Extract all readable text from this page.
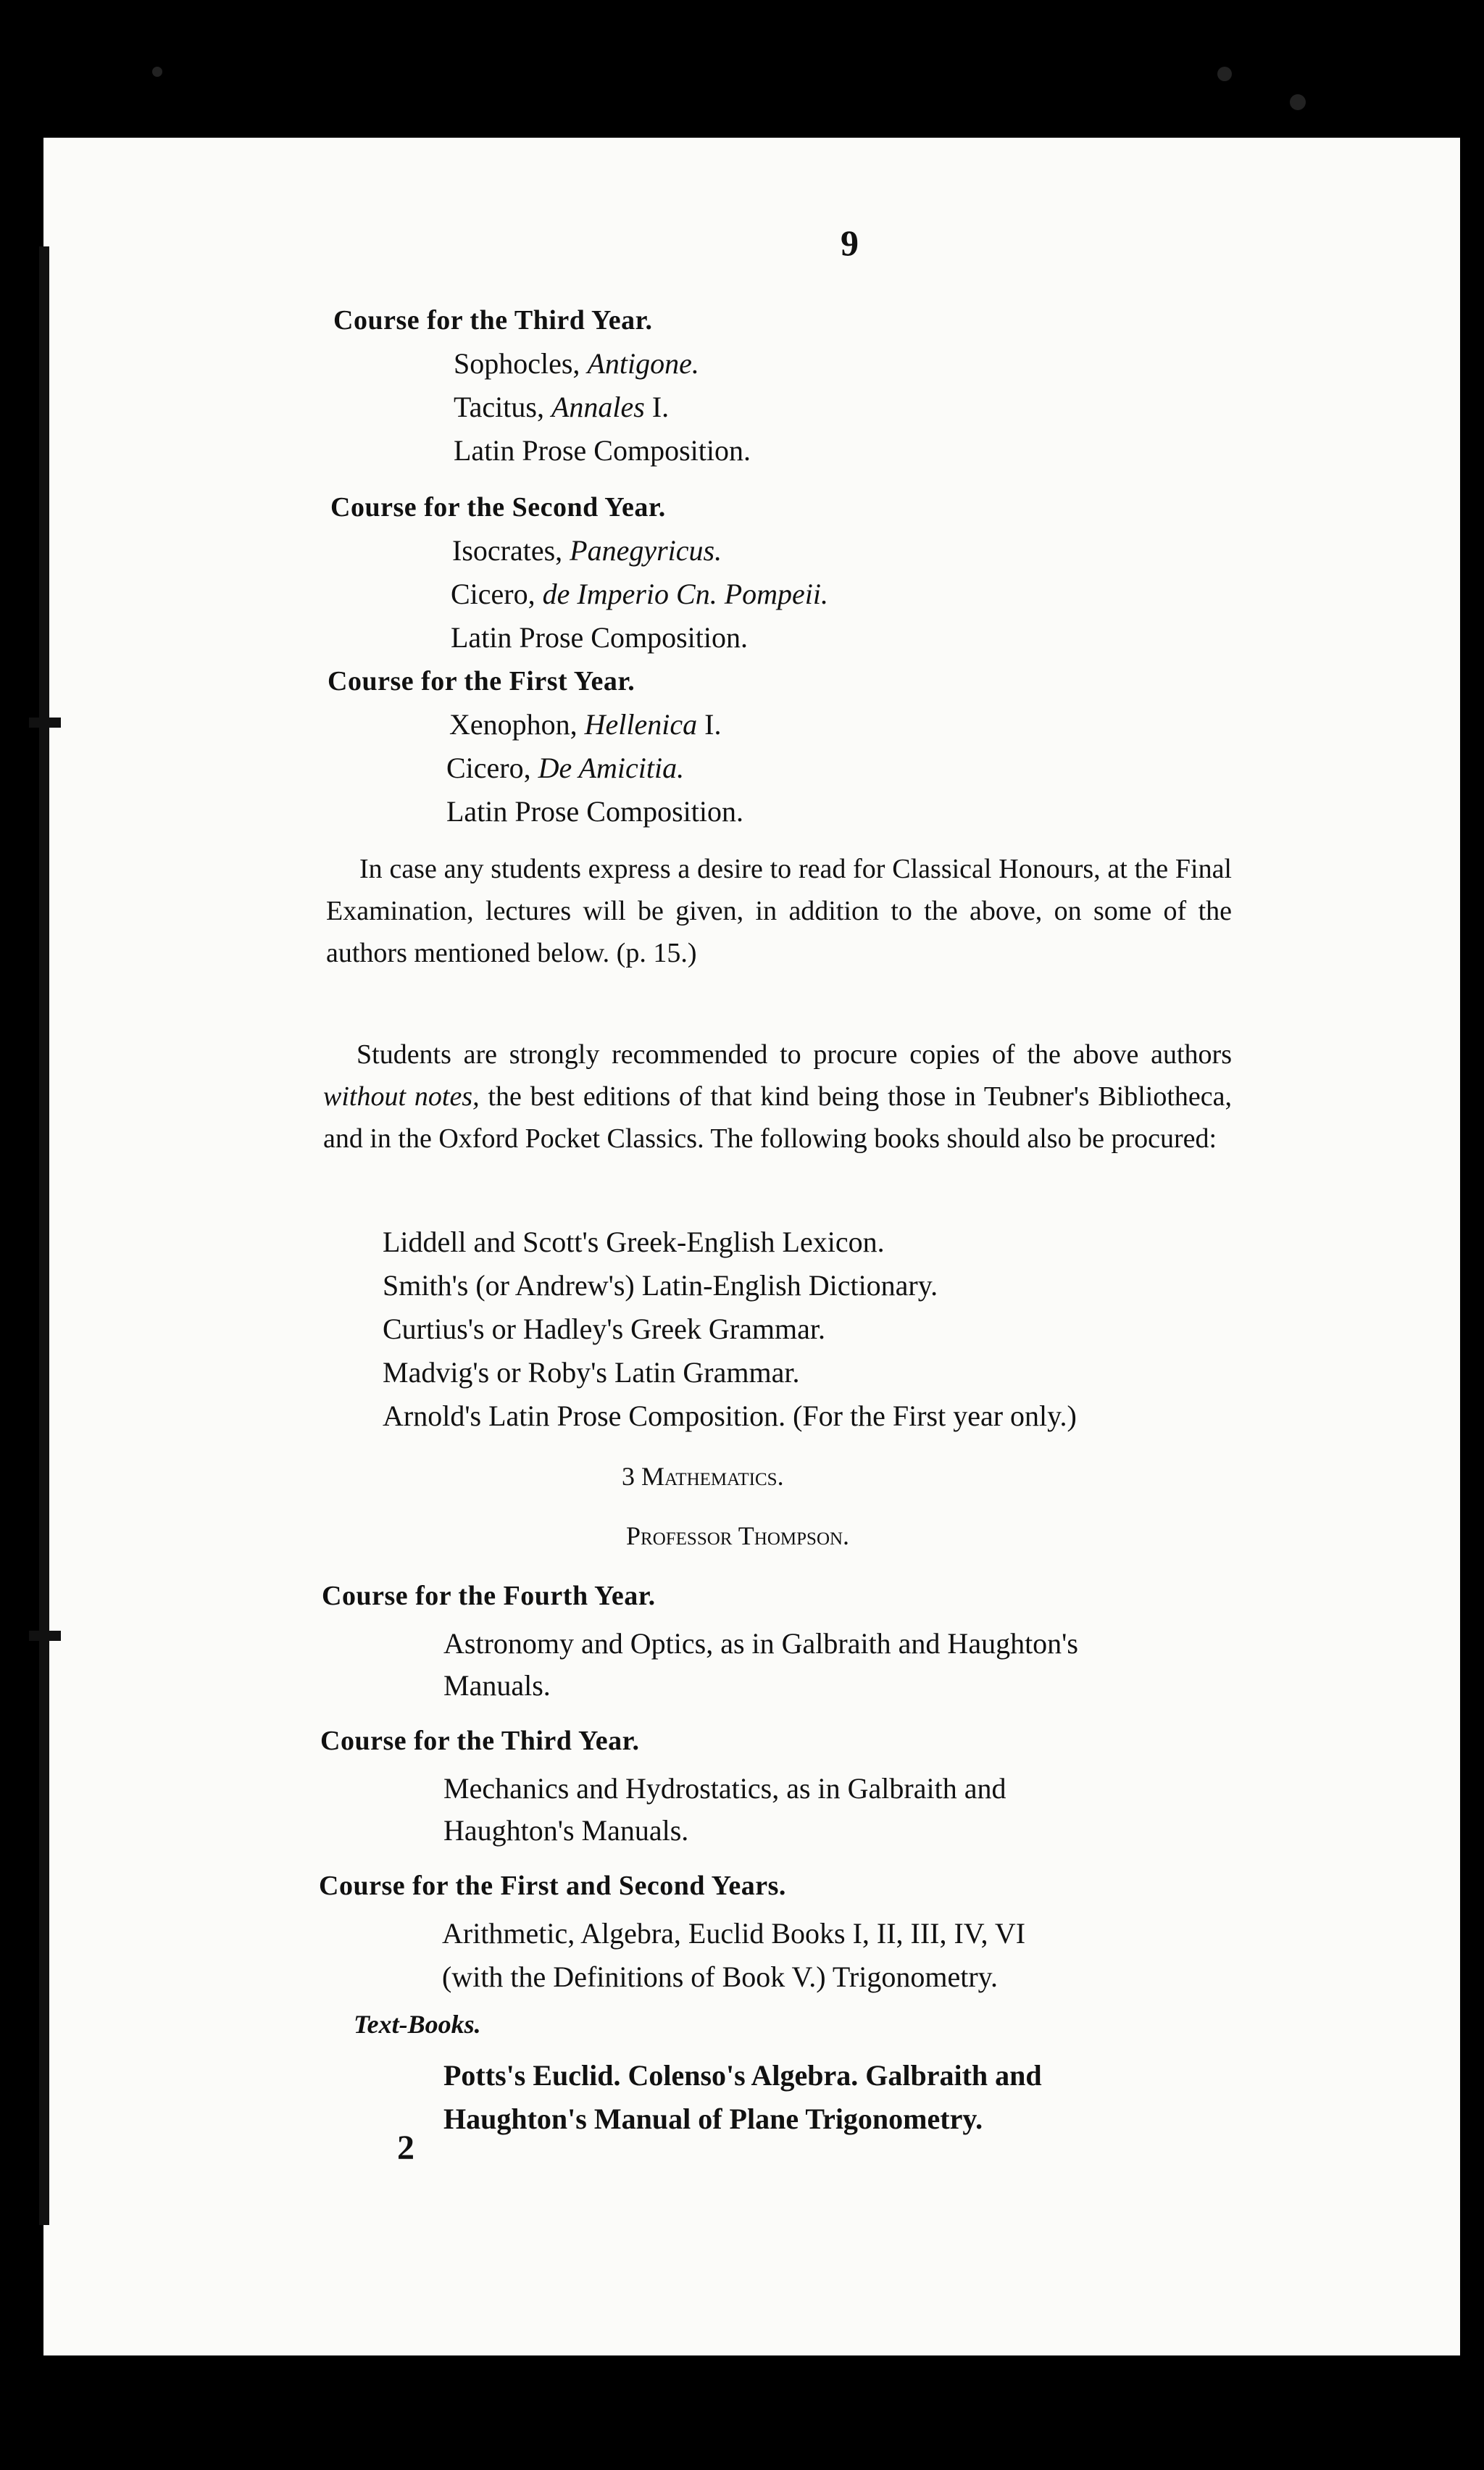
9
Course for the Third Year.
Sophocles, Antigone.
Tacitus, Annales I.
Latin Prose Composition.
Course for the Second Year.
Isocrates, Panegyricus.
Cicero, de Imperio Cn. Pompeii.
Latin Prose Composition.
Course for the First Year.
Xenophon, Hellenica I.
Cicero, De Amicitia.
Latin Prose Composition.
In case any students express a desire to read for Classical Honours, at the Final Examination, lectures will be given, in addition to the above, on some of the authors mentioned below. (p. 15.)
Students are strongly recommended to procure copies of the above authors without notes, the best editions of that kind being those in Teubner's Bibliotheca, and in the Oxford Pocket Classics. The following books should also be procured:
Liddell and Scott's Greek-English Lexicon.
Smith's (or Andrew's) Latin-English Dictionary.
Curtius's or Hadley's Greek Grammar.
Madvig's or Roby's Latin Grammar.
Arnold's Latin Prose Composition. (For the First year only.)
3 Mathematics.
Professor Thompson.
Course for the Fourth Year.
Astronomy and Optics, as in Galbraith and Haughton's
Manuals.
Course for the Third Year.
Mechanics and Hydrostatics, as in Galbraith and
Haughton's Manuals.
Course for the First and Second Years.
Arithmetic, Algebra, Euclid Books I, II, III, IV, VI
(with the Definitions of Book V.) Trigonometry.
Text-Books.
Potts's Euclid. Colenso's Algebra. Galbraith and
Haughton's Manual of Plane Trigonometry.
2
